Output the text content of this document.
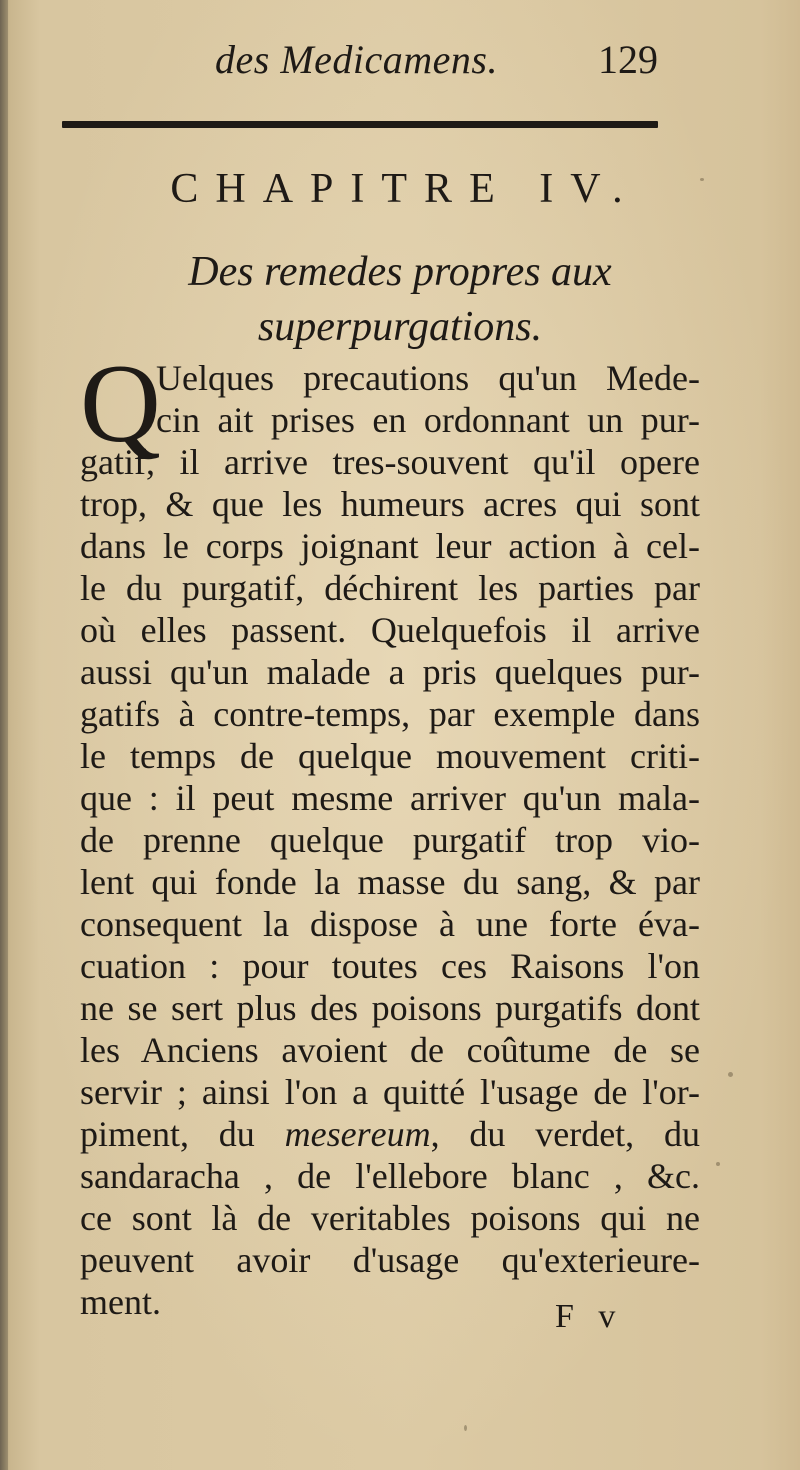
des Medicamens.	129
CHAPITRE IV.
Des remedes propres aux
superpurgations.
Q
Uelques precautions qu'un Mede-
cin ait prises en ordonnant un pur-
gatif, il arrive tres-souvent qu'il opere
trop, & que les humeurs acres qui sont
dans le corps joignant leur action à cel-
le du purgatif, déchirent les parties par
où elles passent. Quelquefois il arrive
aussi qu'un malade a pris quelques pur-
gatifs à contre-temps, par exemple dans
le temps de quelque mouvement criti-
que : il peut mesme arriver qu'un mala-
de prenne quelque purgatif trop vio-
lent qui fonde la masse du sang, & par
consequent la dispose à une forte éva-
cuation : pour toutes ces Raisons l'on
ne se sert plus des poisons purgatifs dont
les Anciens avoient de coûtume de se
servir ; ainsi l'on a quitté l'usage de l'or-
piment, du meserеum, du verdet, du
sandaracha , de l'ellebore blanc , &c.
ce sont là de veritables poisons qui ne
peuvent avoir d'usage qu'exterieure-
ment.	F v
